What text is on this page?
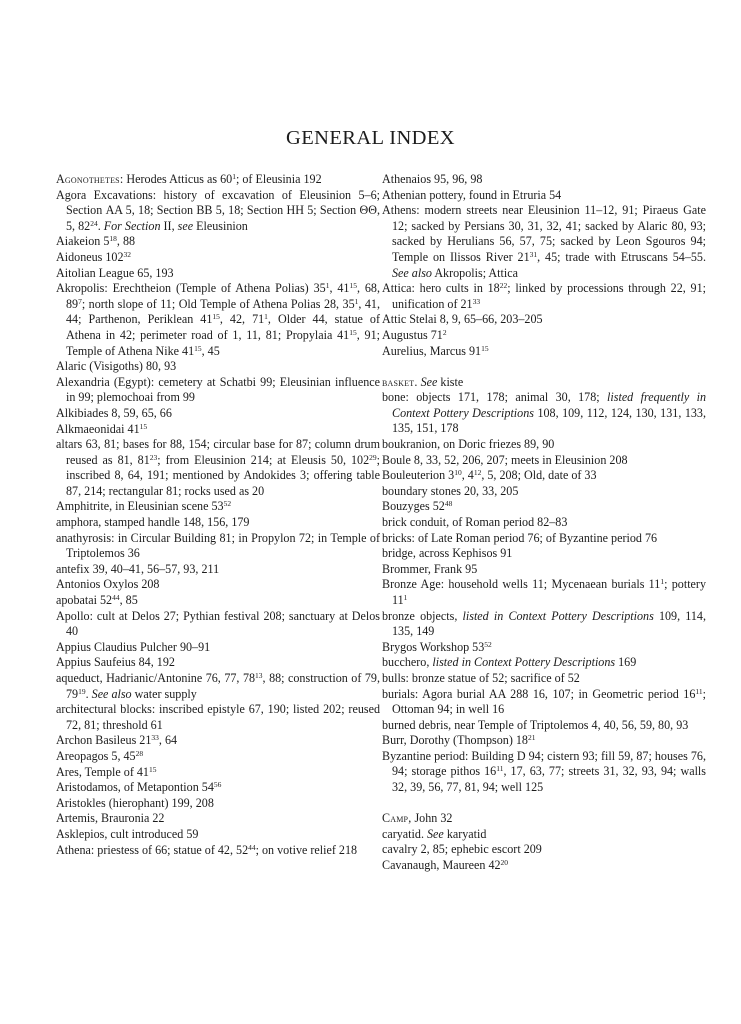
GENERAL INDEX
Agonothetes: Herodes Atticus as $60^1$; of Eleusinia 192
Agora Excavations: history of excavation of Eleusinion 5–6; Section ΑΑ 5, 18; Section ΒΒ 5, 18; Section ΗΗ 5; Section ΘΘ, 5, $82^{24}$. For Section II, see Eleusinion
Aiakeion $5^{18}$, 88
Aidoneus $102^{32}$
Aitolian League 65, 193
Akropolis: Erechtheion (Temple of Athena Polias) $35^1$, $41^{15}$, 68, $89^7$; north slope of 11; Old Temple of Athena Polias 28, $35^1$, 41, 44; Parthenon, Periklean $41^{15}$, 42, $71^1$, Older 44, statue of Athena in 42; perimeter road of 1, 11, 81; Propylaia $41^{15}$, 91; Temple of Athena Nike $41^{15}$, 45
Alaric (Visigoths) 80, 93
Alexandria (Egypt): cemetery at Schatbi 99; Eleusinian influence in 99; plemochoai from 99
Alkibiades 8, 59, 65, 66
Alkmaeonidai $41^{15}$
altars 63, 81; bases for 88, 154; circular base for 87; column drum reused as 81, $81^{23}$; from Eleusinion 214; at Eleusis 50, $102^{29}$; inscribed 8, 64, 191; mentioned by Andokides 3; offering table 87, 214; rectangular 81; rocks used as 20
Amphitrite, in Eleusinian scene $53^{52}$
amphora, stamped handle 148, 156, 179
anathyrosis: in Circular Building 81; in Propylon 72; in Temple of Triptolemos 36
antefix 39, 40–41, 56–57, 93, 211
Antonios Oxylos 208
apobatai $52^{44}$, 85
Apollo: cult at Delos 27; Pythian festival 208; sanctuary at Delos 40
Appius Claudius Pulcher 90–91
Appius Saufeius 84, 192
aqueduct, Hadrianic/Antonine 76, 77, $78^{13}$, 88; construction of 79, $79^{19}$. See also water supply
architectural blocks: inscribed epistyle 67, 190; listed 202; reused 72, 81; threshold 61
Archon Basileus $21^{33}$, 64
Areopagos 5, $45^{28}$
Ares, Temple of $41^{15}$
Aristodamos, of Metapontion $54^{56}$
Aristokles (hierophant) 199, 208
Artemis, Brauronia 22
Asklepios, cult introduced 59
Athena: priestess of 66; statue of 42, $52^{44}$; on votive relief 218
Athenaios 95, 96, 98
Athenian pottery, found in Etruria 54
Athens: modern streets near Eleusinion 11–12, 91; Piraeus Gate 12; sacked by Persians 30, 31, 32, 41; sacked by Alaric 80, 93; sacked by Herulians 56, 57, 75; sacked by Leon Sgouros 94; Temple on Ilissos River $21^{31}$, 45; trade with Etruscans 54–55. See also Akropolis; Attica
Attica: hero cults in $18^{22}$; linked by processions through 22, 91; unification of $21^{33}$
Attic Stelai 8, 9, 65–66, 203–205
Augustus $71^2$
Aurelius, Marcus $91^{15}$
basket. See kiste
bone: objects 171, 178; animal 30, 178; listed frequently in Context Pottery Descriptions 108, 109, 112, 124, 130, 131, 133, 135, 151, 178
boukranion, on Doric friezes 89, 90
Boule 8, 33, 52, 206, 207; meets in Eleusinion 208
Bouleuterion $3^{10}$, $4^{12}$, 5, 208; Old, date of 33
boundary stones 20, 33, 205
Bouzyges $52^{48}$
brick conduit, of Roman period 82–83
bricks: of Late Roman period 76; of Byzantine period 76
bridge, across Kephisos 91
Brommer, Frank 95
Bronze Age: household wells 11; Mycenaean burials $11^1$; pottery $11^1$
bronze objects, listed in Context Pottery Descriptions 109, 114, 135, 149
Brygos Workshop $53^{52}$
bucchero, listed in Context Pottery Descriptions 169
bulls: bronze statue of 52; sacrifice of 52
burials: Agora burial AA 288 16, 107; in Geometric period $16^{11}$; Ottoman 94; in well 16
burned debris, near Temple of Triptolemos 4, 40, 56, 59, 80, 93
Burr, Dorothy (Thompson) $18^{21}$
Byzantine period: Building D 94; cistern 93; fill 59, 87; houses 76, 94; storage pithos $16^{11}$, 17, 63, 77; streets 31, 32, 93, 94; walls 32, 39, 56, 77, 81, 94; well 125
Camp, John 32
caryatid. See karyatid
cavalry 2, 85; ephebic escort 209
Cavanaugh, Maureen $42^{20}$
